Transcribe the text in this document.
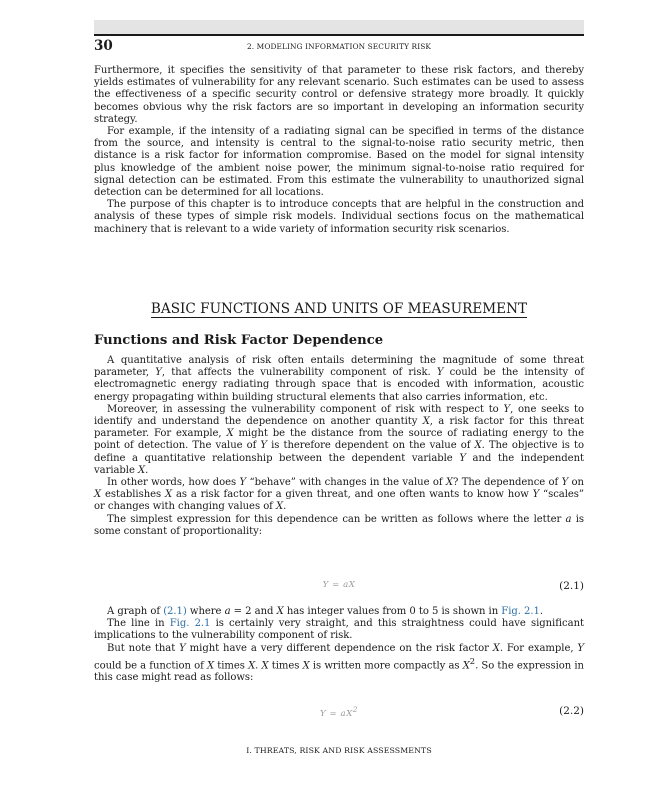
30	2. MODELING INFORMATION SECURITY RISK

Furthermore, it specifies the sensitivity of that parameter to these risk factors, and thereby yields estimates of vulnerability for any relevant scenario. Such estimates can be used to assess the effectiveness of a specific security control or defensive strategy more broadly. It quickly becomes obvious why the risk factors are so important in developing an information security strategy.

For example, if the intensity of a radiating signal can be specified in terms of the distance from the source, and intensity is central to the signal-to-noise ratio security metric, then distance is a risk factor for information compromise. Based on the model for signal intensity plus knowledge of the ambient noise power, the minimum signal-to-noise ratio required for signal detection can be estimated. From this estimate the vulnerability to unauthorized signal detection can be determined for all locations.

The purpose of this chapter is to introduce concepts that are helpful in the construction and analysis of these types of simple risk models. Individual sections focus on the mathematical machinery that is relevant to a wide variety of information security risk scenarios.

BASIC FUNCTIONS AND UNITS OF MEASUREMENT
Functions and Risk Factor Dependence

A quantitative analysis of risk often entails determining the magnitude of some threat parameter, Y, that affects the vulnerability component of risk. Y could be the intensity of electromagnetic energy radiating through space that is encoded with information, acoustic energy propagating within building structural elements that also carries information, etc.

Moreover, in assessing the vulnerability component of risk with respect to Y, one seeks to identify and understand the dependence on another quantity X, a risk factor for this threat parameter. For example, X might be the distance from the source of radiating energy to the point of detection. The value of Y is therefore dependent on the value of X. The objective is to define a quantitative relationship between the dependent variable Y and the independent variable X.

In other words, how does Y “behave” with changes in the value of X? The dependence of Y on X establishes X as a risk factor for a given threat, and one often wants to know how Y “scales” or changes with changing values of X.

The simplest expression for this dependence can be written as follows where the letter a is some constant of proportionality:

Y = aX	(2.1)

A graph of (2.1) where a = 2 and X has integer values from 0 to 5 is shown in Fig. 2.1.

The line in Fig. 2.1 is certainly very straight, and this straightness could have significant implications to the vulnerability component of risk.

But note that Y might have a very different dependence on the risk factor X. For example, Y could be a function of X times X. X times X is written more compactly as $X^2$. So the expression in this case might read as follows:

$Y = aX^2$	(2.2)
I. THREATS, RISK AND RISK ASSESSMENTS
